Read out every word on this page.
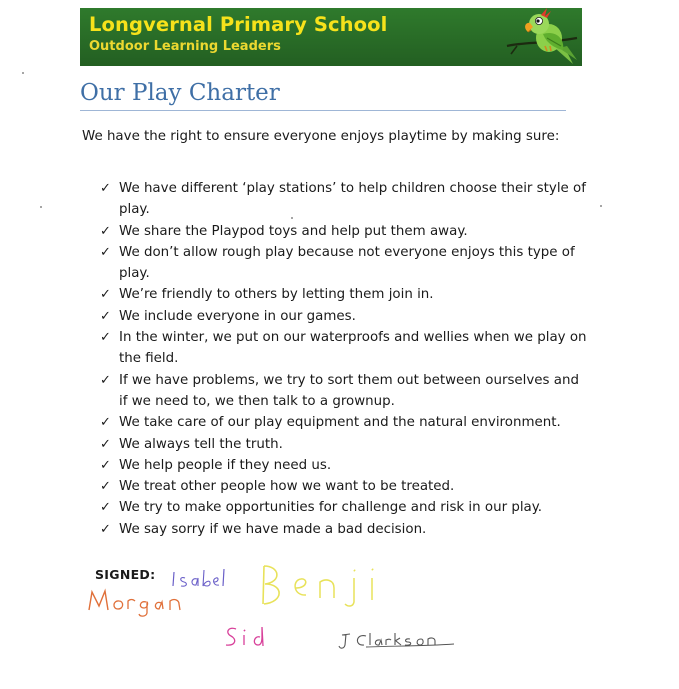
Longvernal Primary School
Outdoor Learning Leaders
Our Play Charter
We have the right to ensure everyone enjoys playtime by making sure:
✓ We have different ‘play stations’ to help children choose their style of play.
✓ We share the Playpod toys and help put them away.
✓ We don’t allow rough play because not everyone enjoys this type of play.
✓ We’re friendly to others by letting them join in.
✓ We include everyone in our games.
✓ In the winter, we put on our waterproofs and wellies when we play on the field.
✓ If we have problems, we try to sort them out between ourselves and if we need to, we then talk to a grownup.
✓ We take care of our play equipment and the natural environment.
✓ We always tell the truth.
✓ We help people if they need us.
✓ We treat other people how we want to be treated.
✓ We try to make opportunities for challenge and risk in our play.
✓ We say sorry if we have made a bad decision.
SIGNED:
